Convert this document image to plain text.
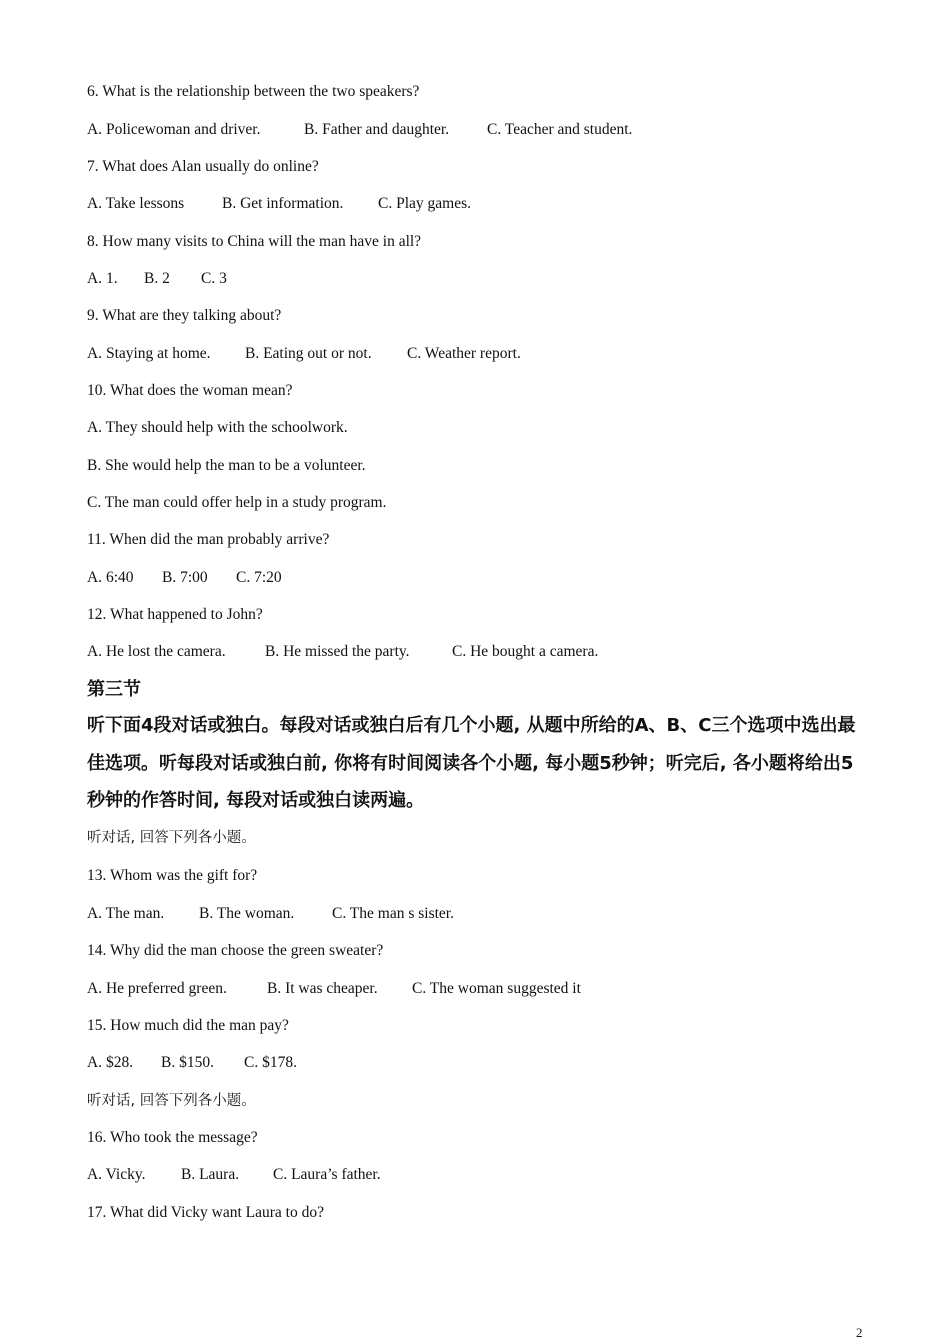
6. What is the relationship between the two speakers?
A. Policewoman and driver.	B. Father and daughter. C. Teacher and student.
7. What does Alan usually do online?
A. Take lessons B. Get information. C. Play games.
8. How many visits to China will the man have in all?
A. 1. B. 2 C. 3
9. What are they talking about?
A. Staying at home. B. Eating out or not. C. Weather report.
10. What does the woman mean?
A. They should help with the schoolwork.
B. She would help the man to be a volunteer.
C. The man could offer help in a study program.
11. When did the man probably arrive?
A. 6:40 B. 7:00 C. 7:20
12. What happened to John?
A. He lost the camera.	B. He missed the party.	C. He bought a camera.
第三节
听下面4段对话或独白。每段对话或独白后有几个小题, 从题中所给的A、B、C三个选项中选出最佳选项。听每段对话或独白前, 你将有时间阅读各个小题, 每小题5秒钟；听完后, 各小题将给出5秒钟的作答时间, 每段对话或独白读两遍。
听对话, 回答下列各小题。
13. Whom was the gift for?
A. The man. B. The woman. C. The man s sister.
14. Why did the man choose the green sweater?
A. He preferred green.	B. It was cheaper. C. The woman suggested it
15. How much did the man pay?
A. $28. B. $150. C. $178.
听对话, 回答下列各小题。
16. Who took the message?
A. Vicky. B. Laura. C. Laura’s father.
17. What did Vicky want Laura to do?
2
